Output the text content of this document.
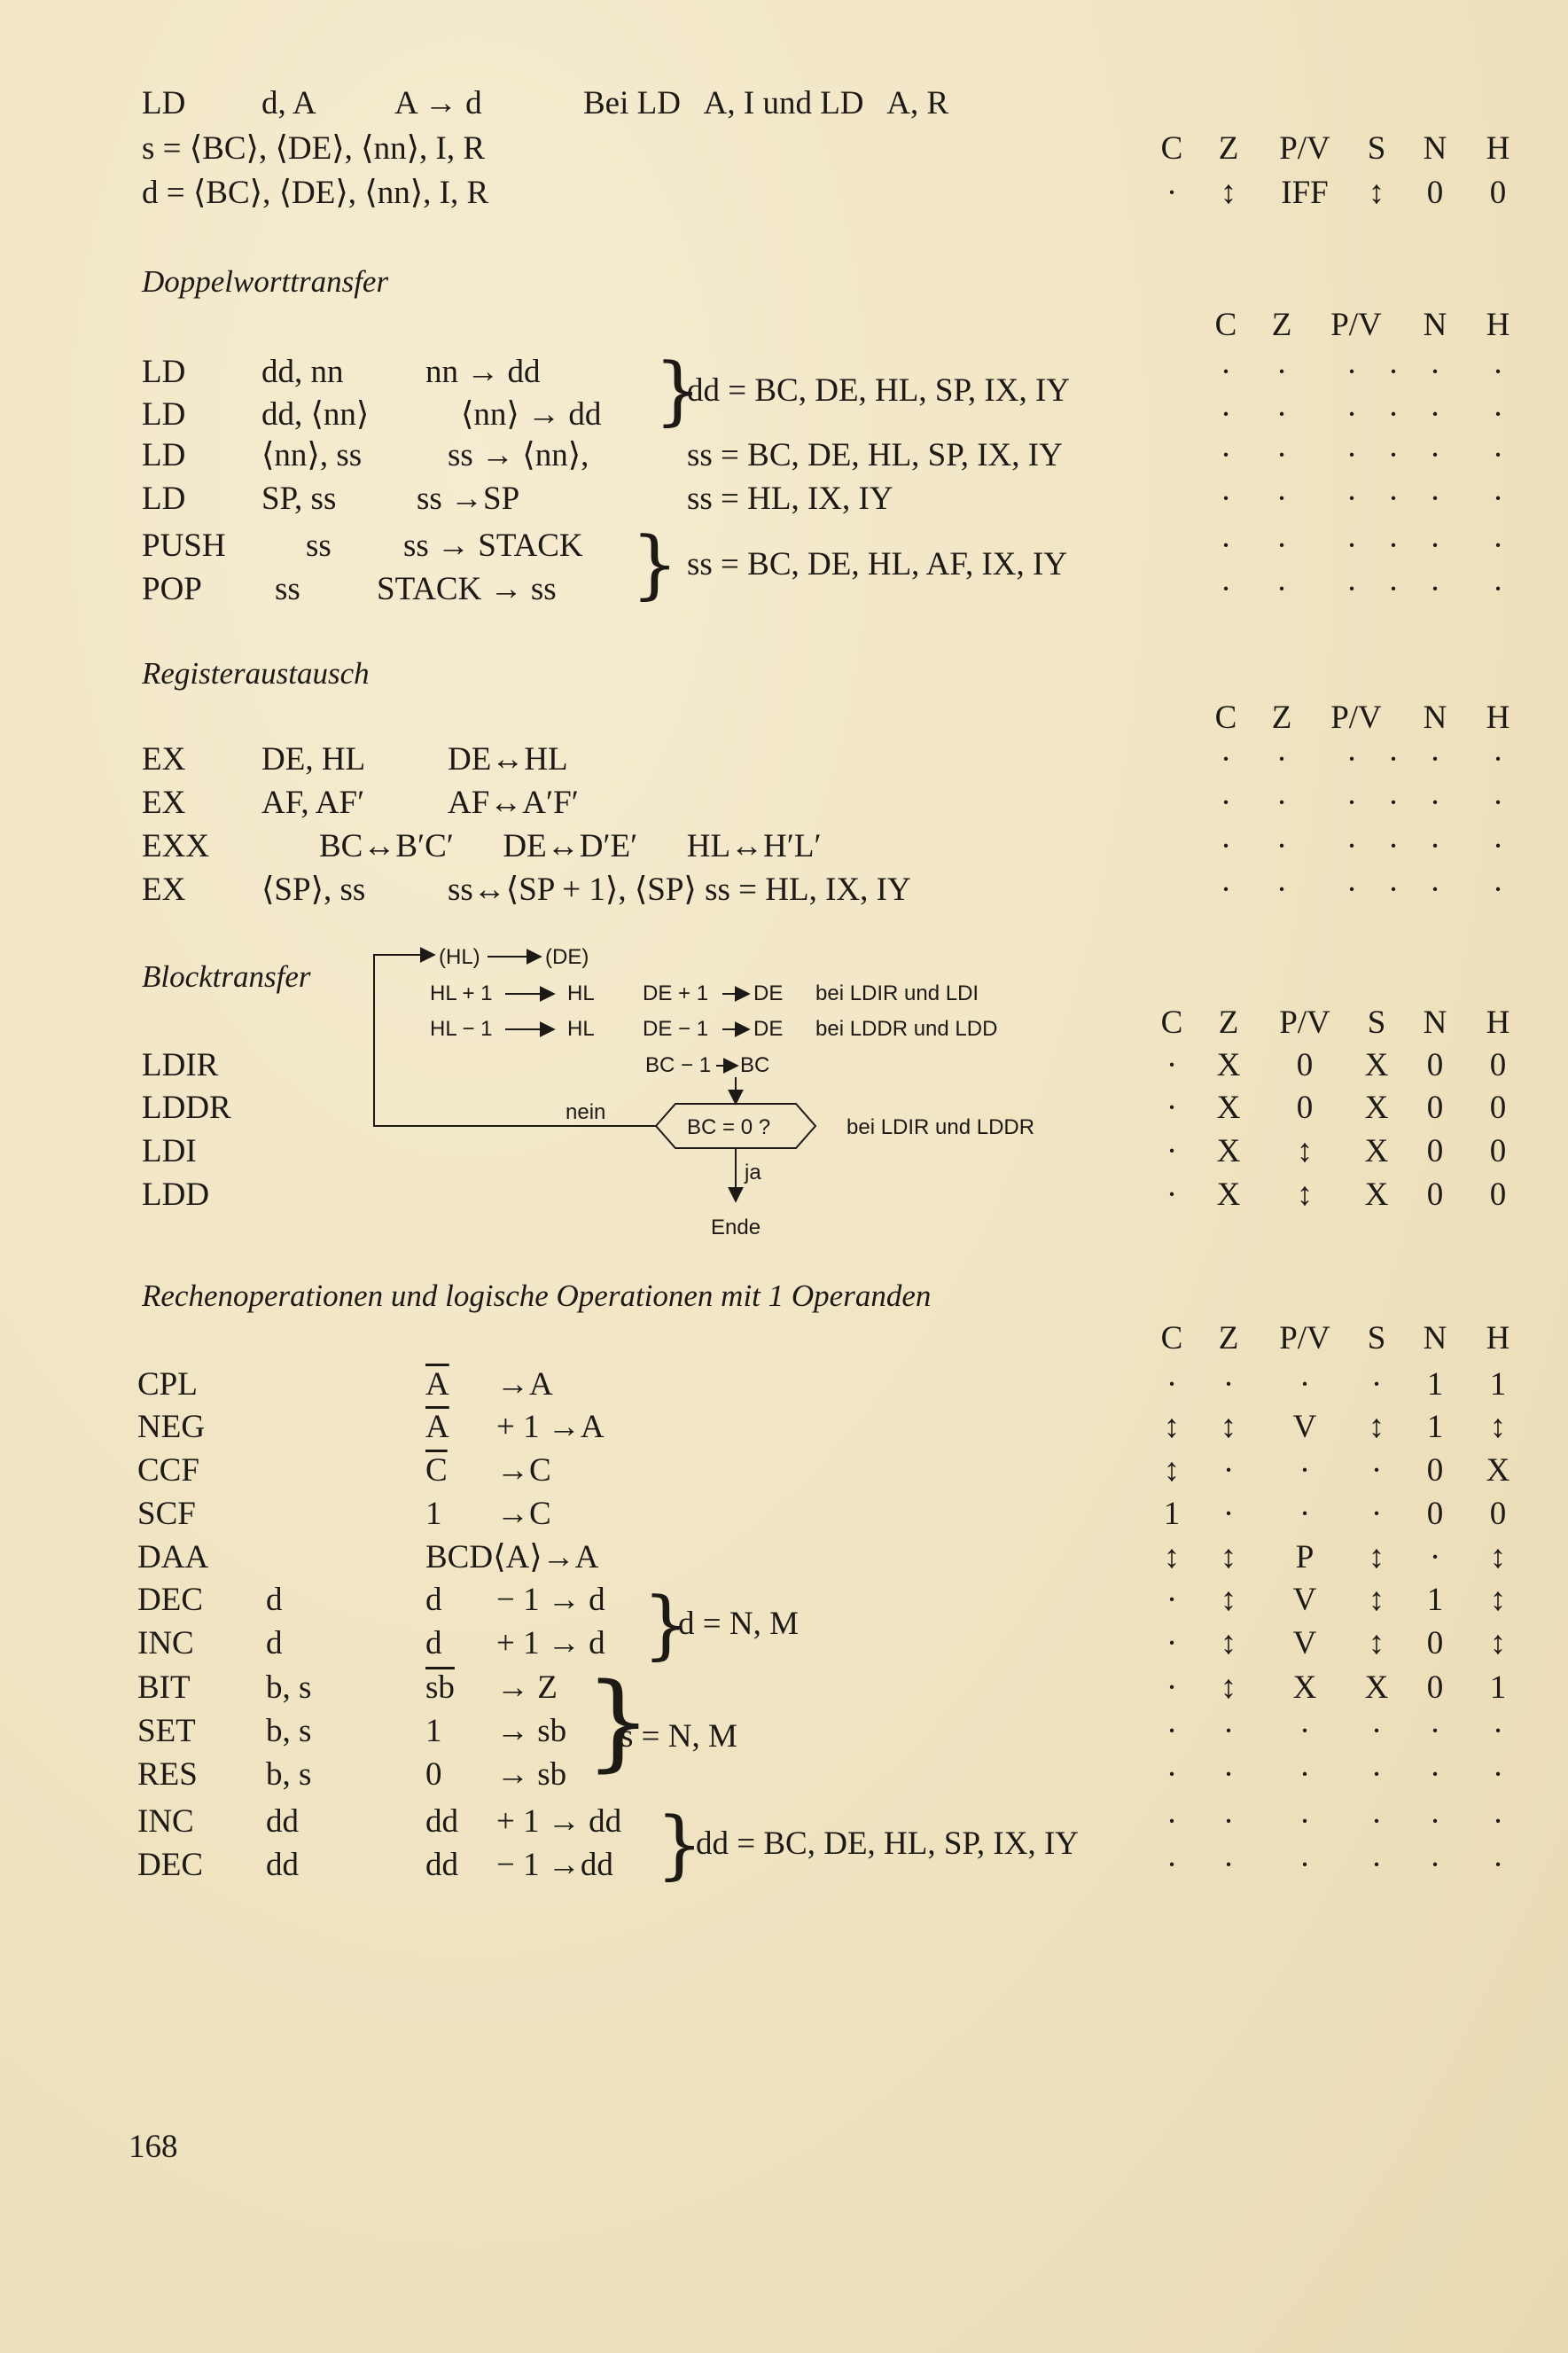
LD d, A A → d	Bei LD   A, I und LD   A, R
s = ⟨BC⟩, ⟨DE⟩, ⟨nn⟩, I, R
d = ⟨BC⟩, ⟨DE⟩, ⟨nn⟩, I, R
C	Z	P/V	S	N	H
·	↕	IFF	↕	0	0
Doppelworttransfer
C	Z	P/V	N	H
LD dd, nn	nn → dd	·	·	· · ·	·
LD dd, ⟨nn⟩	⟨nn⟩ → dd	·	·	· · ·	·
LD ⟨nn⟩, ss	ss → ⟨nn⟩,	·	·	· · ·	·
LD SP, ss ss →SP	·	·	· · ·	·
PUSH ss ss → STACK	·	·	· · ·	·
POP ss STACK → ss	·	·	· · ·	·
}
dd = BC, DE, HL, SP, IX, IY
ss = BC, DE, HL, SP, IX, IY
ss = HL, IX, IY
} ss = BC, DE, HL, AF, IX, IY
Registeraustausch
C	Z	P/V	N	H
EX DE, HL	DE↔HL	·	·	· · ·	·
EX AF, AF′	AF↔A′F′	·	·	· · ·	·
EXX	BC↔B′C′      DE↔D′E′      HL↔H′L′	·	·	· · ·	·
EX ⟨SP⟩, ss	ss↔⟨SP + 1⟩, ⟨SP⟩ ss = HL, IX, IY	·	·	· · ·	·
Blocktransfer
C	Z	P/V	S	N	H
LDIR	·	X	0	X	0	0
LDDR	·	X	0	X	0	0
LDI	·	X	↕	X	0	0
LDD	·	X	↕	X	0	0
(HL)	(DE)
HL + 1	HL DE + 1 DE bei LDIR und LDI
HL − 1	HL DE − 1 DE bei LDDR und LDD
BC − 1 BC
nein
BC = 0 ?	bei LDIR und LDDR
ja
Ende
Rechenoperationen und logische Operationen mit 1 Operanden
C	Z	P/V	S	N	H
CPL	$\overline{A} \to A$	·	·	·	·	1	1
NEG	$\overline{A} + 1 \to A$	↕	↕	V	↕	1	↕
CCF	$\overline{C} \to C$	↕	·	·	·	0	X
SCF	1 →C	1	·	·	·	0	0
DAA	BCD⟨A⟩→A	↕	↕	P	↕	·	↕
DEC d	d − 1 → d	·	↕	V	↕	1	↕
INC d	d + 1 → d	·	↕	V	↕	0	↕
BIT b, s	$\overline{sb} \to Z$	·	↕	X	X	0	1
SET b, s	1 → sb	·	·	·	·	·	·
RES b, s	0 → sb	·	·	·	·	·	·
INC dd	dd + 1 → dd	·	·	·	·	·	·
DEC dd	dd − 1 →dd	·	·	·	·	·	·
}
d = N, M
}
s = N, M
}
dd = BC, DE, HL, SP, IX, IY
168
